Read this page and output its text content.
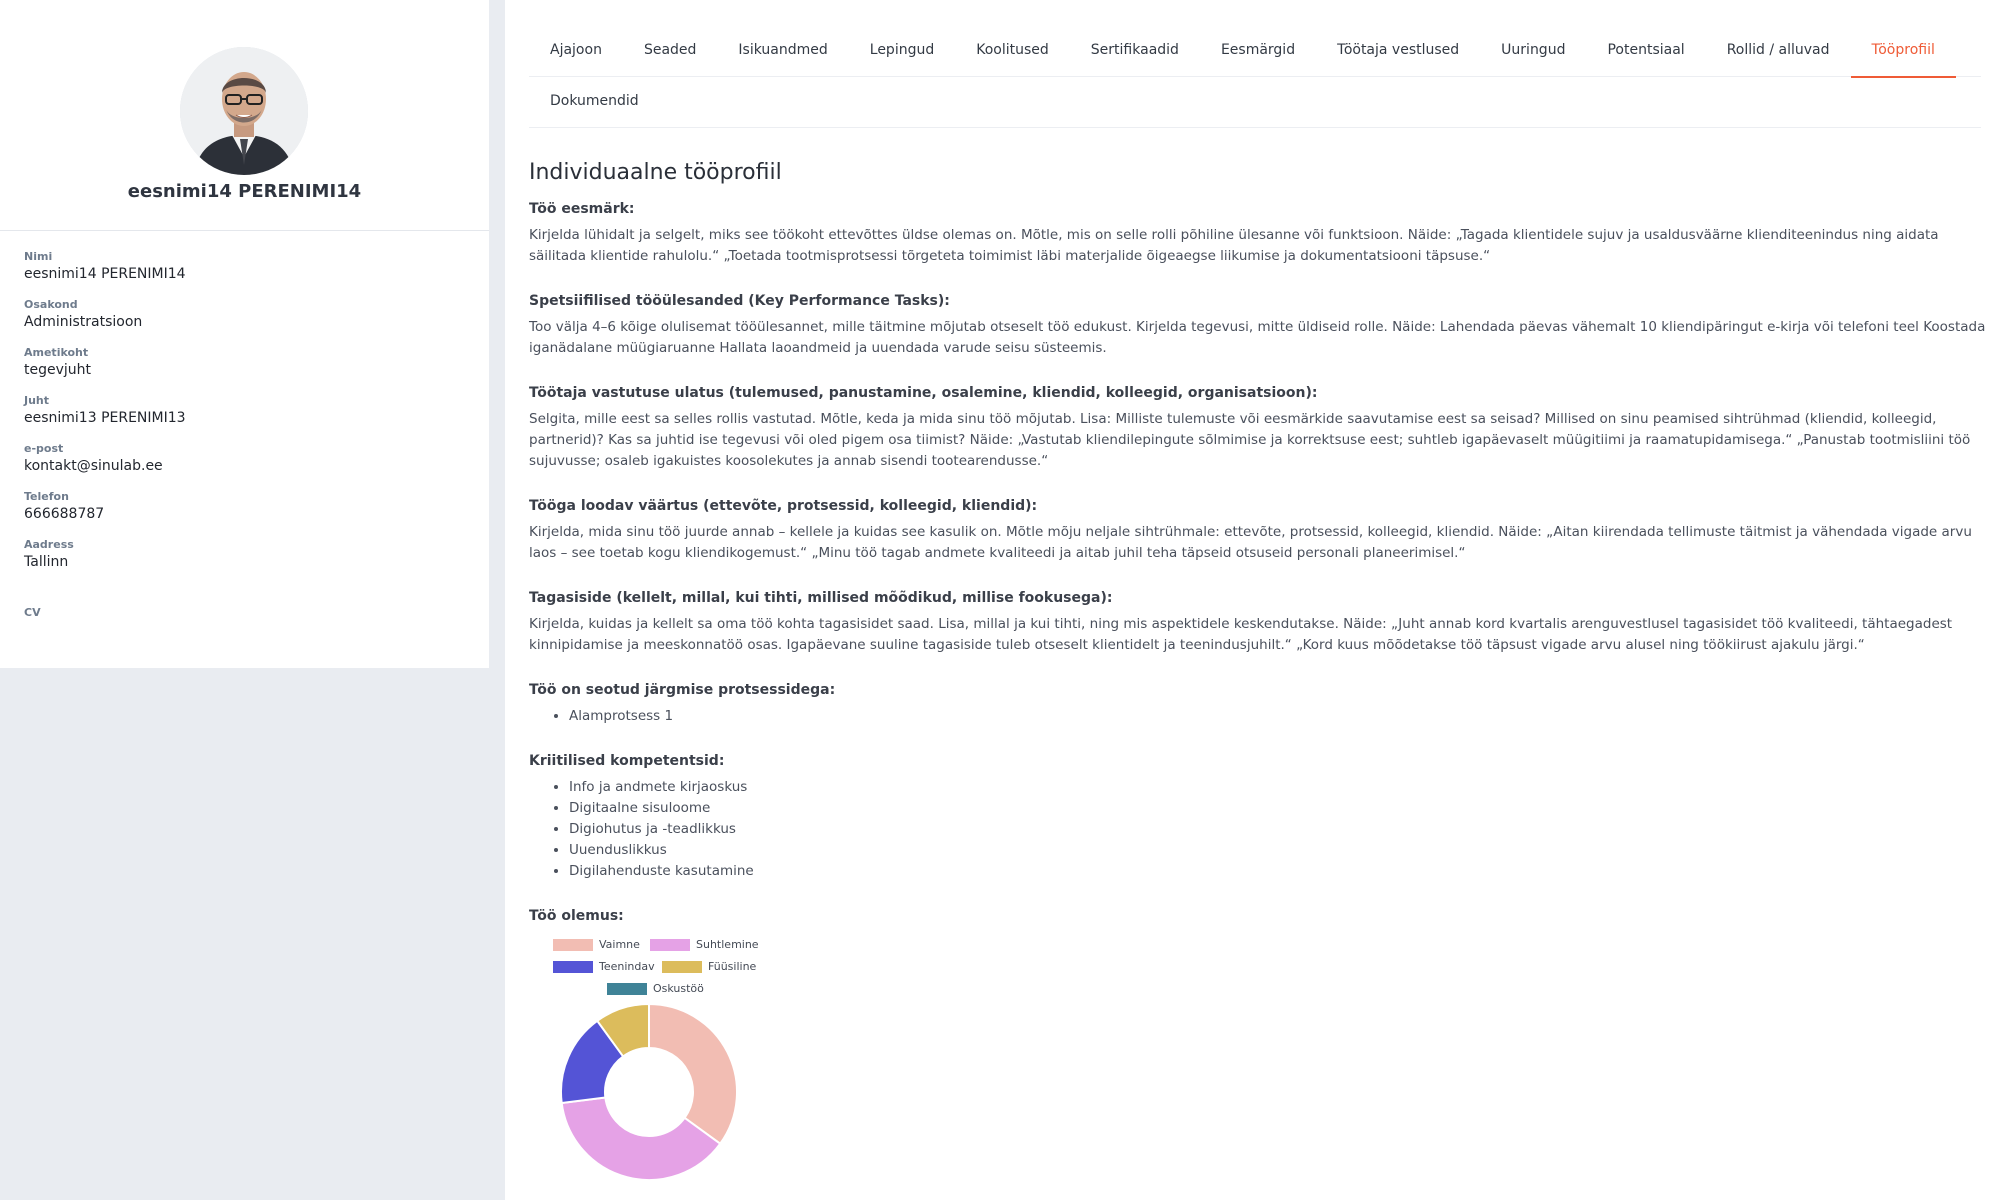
eesnimi14 PERENIMI14
Nimi
eesnimi14 PERENIMI14
Osakond
Administratsioon
Ametikoht
tegevjuht
Juht
eesnimi13 PERENIMI13
e-post
kontakt@sinulab.ee
Telefon
666688787
Aadress
Tallinn
CV
Ajajoon	Seaded	Isikuandmed	Lepingud	Koolitused	Sertifikaadid	Eesmärgid	Töötaja vestlused	Uuringud	Potentsiaal	Rollid / alluvad	Tööprofiil
Dokumendid
Individuaalne tööprofiil
Töö eesmärk:
Kirjelda lühidalt ja selgelt, miks see töökoht ettevõttes üldse olemas on. Mõtle, mis on selle rolli põhiline ülesanne või funktsioon. Näide: „Tagada klientidele sujuv ja usaldusväärne klienditeenindus ning aidata säilitada klientide rahulolu.“ „Toetada tootmisprotsessi tõrgeteta toimimist läbi materjalide õigeaegse liikumise ja dokumentatsiooni täpsuse.“
Spetsiifilised tööülesanded (Key Performance Tasks):
Too välja 4–6 kõige olulisemat tööülesannet, mille täitmine mõjutab otseselt töö edukust. Kirjelda tegevusi, mitte üldiseid rolle. Näide: Lahendada päevas vähemalt 10 kliendipäringut e-kirja või telefoni teel Koostada iganädalane müügiaruanne Hallata laoandmeid ja uuendada varude seisu süsteemis.
Töötaja vastutuse ulatus (tulemused, panustamine, osalemine, kliendid, kolleegid, organisatsioon):
Selgita, mille eest sa selles rollis vastutad. Mõtle, keda ja mida sinu töö mõjutab. Lisa: Milliste tulemuste või eesmärkide saavutamise eest sa seisad? Millised on sinu peamised sihtrühmad (kliendid, kolleegid, partnerid)? Kas sa juhtid ise tegevusi või oled pigem osa tiimist? Näide: „Vastutab kliendilepingute sõlmimise ja korrektsuse eest; suhtleb igapäevaselt müügitiimi ja raamatupidamisega.“ „Panustab tootmisliini töö sujuvusse; osaleb igakuistes koosolekutes ja annab sisendi tootearendusse.“
Tööga loodav väärtus (ettevõte, protsessid, kolleegid, kliendid):
Kirjelda, mida sinu töö juurde annab – kellele ja kuidas see kasulik on. Mõtle mõju neljale sihtrühmale: ettevõte, protsessid, kolleegid, kliendid. Näide: „Aitan kiirendada tellimuste täitmist ja vähendada vigade arvu laos – see toetab kogu kliendikogemust.“ „Minu töö tagab andmete kvaliteedi ja aitab juhil teha täpseid otsuseid personali planeerimisel.“
Tagasiside (kellelt, millal, kui tihti, millised mõõdikud, millise fookusega):
Kirjelda, kuidas ja kellelt sa oma töö kohta tagasisidet saad. Lisa, millal ja kui tihti, ning mis aspektidele keskendutakse. Näide: „Juht annab kord kvartalis arenguvestlusel tagasisidet töö kvaliteedi, tähtaegadest kinnipidamise ja meeskonnatöö osas. Igapäevane suuline tagasiside tuleb otseselt klientidelt ja teenindusjuhilt.“ „Kord kuus mõõdetakse töö täpsust vigade arvu alusel ning töökiirust ajakulu järgi.“
Töö on seotud järgmise protsessidega:
• Alamprotsess 1
Kriitilised kompetentsid:
• Info ja andmete kirjaoskus
• Digitaalne sisuloome
• Digiohutus ja -teadlikkus
• Uuenduslikkus
• Digilahenduste kasutamine
Töö olemus:
Vaimne	Suhtlemine
Teenindav	Füüsiline
Oskustöö
